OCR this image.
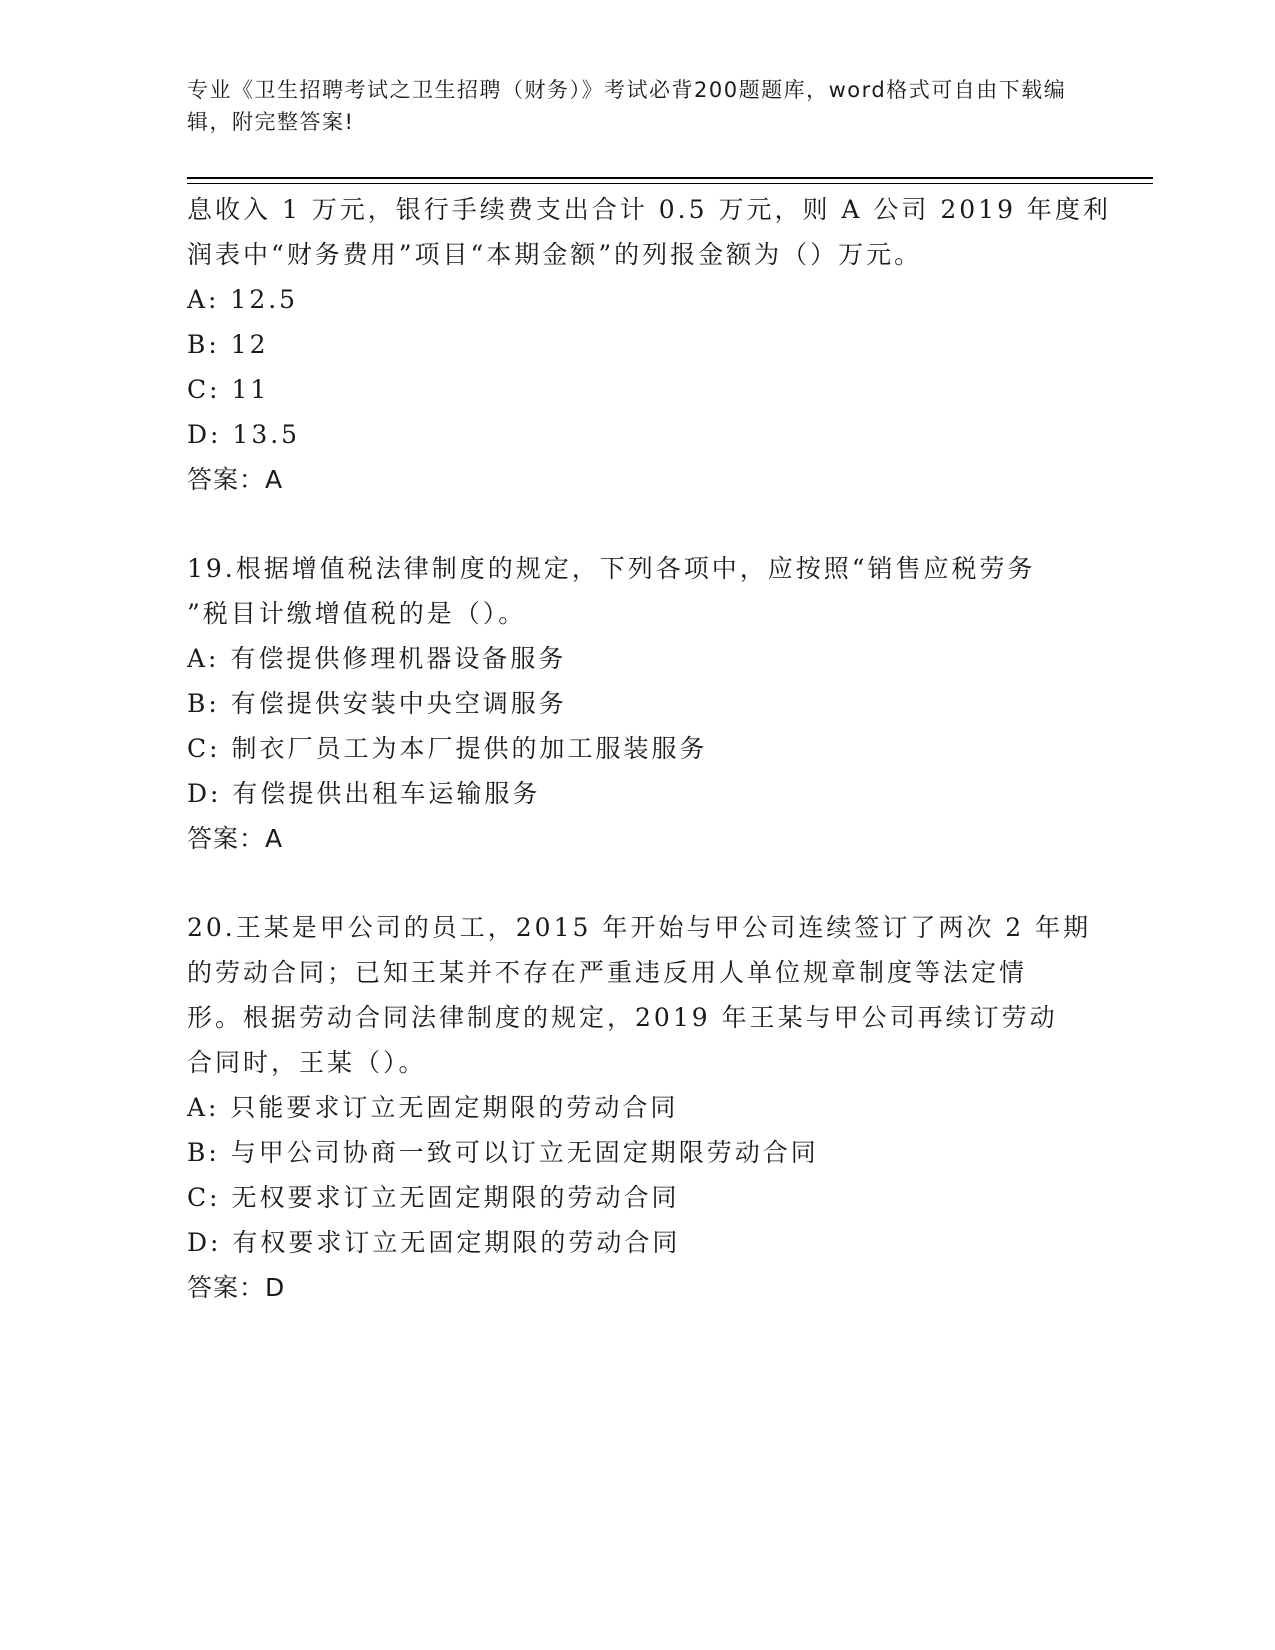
专业《卫生招聘考试之卫生招聘（财务）》考试必背200题题库，word格式可自由下载编辑，附完整答案!
息收入 1 万元，银行手续费支出合计 0.5 万元，则 A 公司 2019 年度利
润表中“财务费用”项目“本期金额”的列报金额为（）万元。
A: 12.5
B: 12
C: 11
D: 13.5
答案：A
19.根据增值税法律制度的规定，下列各项中，应按照“销售应税劳务
”税目计缴增值税的是（）。
A: 有偿提供修理机器设备服务
B: 有偿提供安装中央空调服务
C: 制衣厂员工为本厂提供的加工服装服务
D: 有偿提供出租车运输服务
答案：A
20.王某是甲公司的员工，2015 年开始与甲公司连续签订了两次 2 年期
的劳动合同；已知王某并不存在严重违反用人单位规章制度等法定情
形。根据劳动合同法律制度的规定，2019 年王某与甲公司再续订劳动
合同时，王某（）。
A: 只能要求订立无固定期限的劳动合同
B: 与甲公司协商一致可以订立无固定期限劳动合同
C: 无权要求订立无固定期限的劳动合同
D: 有权要求订立无固定期限的劳动合同
答案：D
